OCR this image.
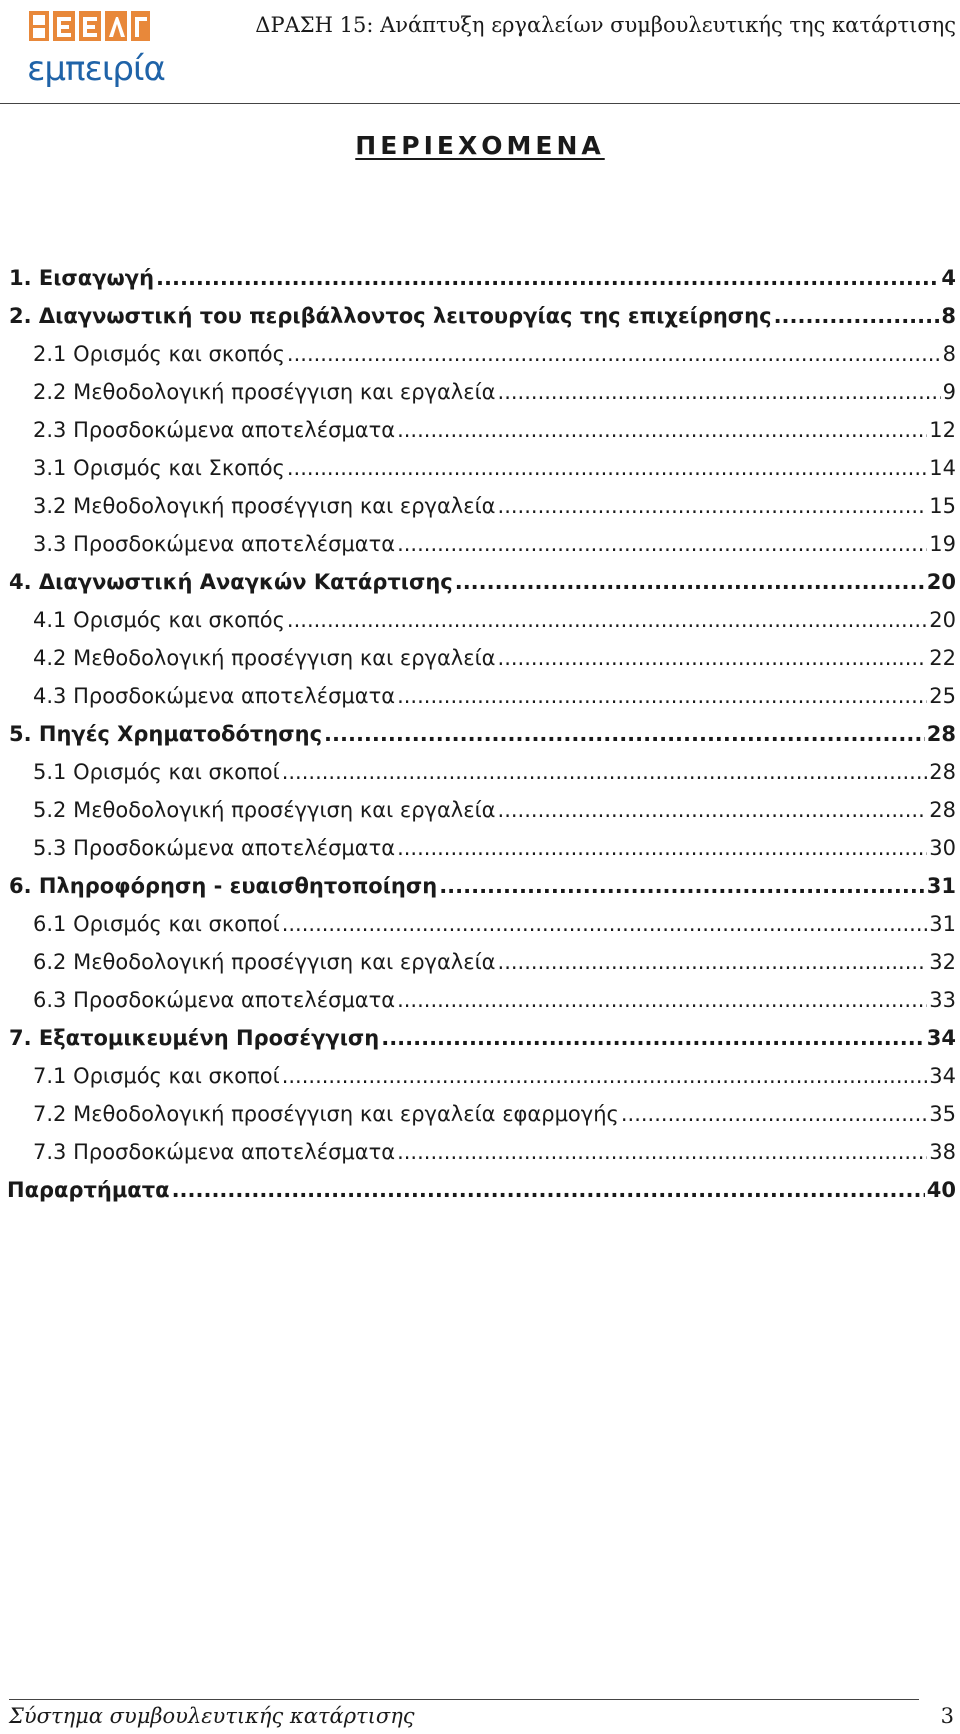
εμπειρία
ΔΡΑΣΗ 15: Ανάπτυξη εργαλείων συμβουλευτικής της κατάρτισης
ΠΕΡΙΕΧΟΜΕΝΑ
1. Εισαγωγή .....	4
2. Διαγνωστική του περιβάλλοντος λειτουργίας της επιχείρησης .....	8
2.1 Ορισμός και σκοπός .....	8
2.2 Μεθοδολογική προσέγγιση και εργαλεία .....	9
2.3 Προσδοκώμενα αποτελέσματα .....	12
3.1 Ορισμός και Σκοπός .....	14
3.2 Μεθοδολογική προσέγγιση και εργαλεία .....	15
3.3 Προσδοκώμενα αποτελέσματα .....	19
4. Διαγνωστική Αναγκών Κατάρτισης .....	20
4.1 Ορισμός και σκοπός .....	20
4.2 Μεθοδολογική προσέγγιση και εργαλεία .....	22
4.3 Προσδοκώμενα αποτελέσματα .....	25
5. Πηγές Χρηματοδότησης .....	28
5.1 Ορισμός και σκοποί .....	28
5.2 Μεθοδολογική προσέγγιση και εργαλεία .....	28
5.3 Προσδοκώμενα αποτελέσματα .....	30
6. Πληροφόρηση - ευαισθητοποίηση .....	31
6.1 Ορισμός και σκοποί .....	31
6.2 Μεθοδολογική προσέγγιση και εργαλεία .....	32
6.3 Προσδοκώμενα αποτελέσματα .....	33
7. Εξατομικευμένη Προσέγγιση .....	34
7.1 Ορισμός και σκοποί .....	34
7.2 Μεθοδολογική προσέγγιση και εργαλεία εφαρμογής .....	35
7.3 Προσδοκώμενα αποτελέσματα .....	38
Παραρτήματα .....	40
Σύστημα συμβουλευτικής κατάρτισης	3
